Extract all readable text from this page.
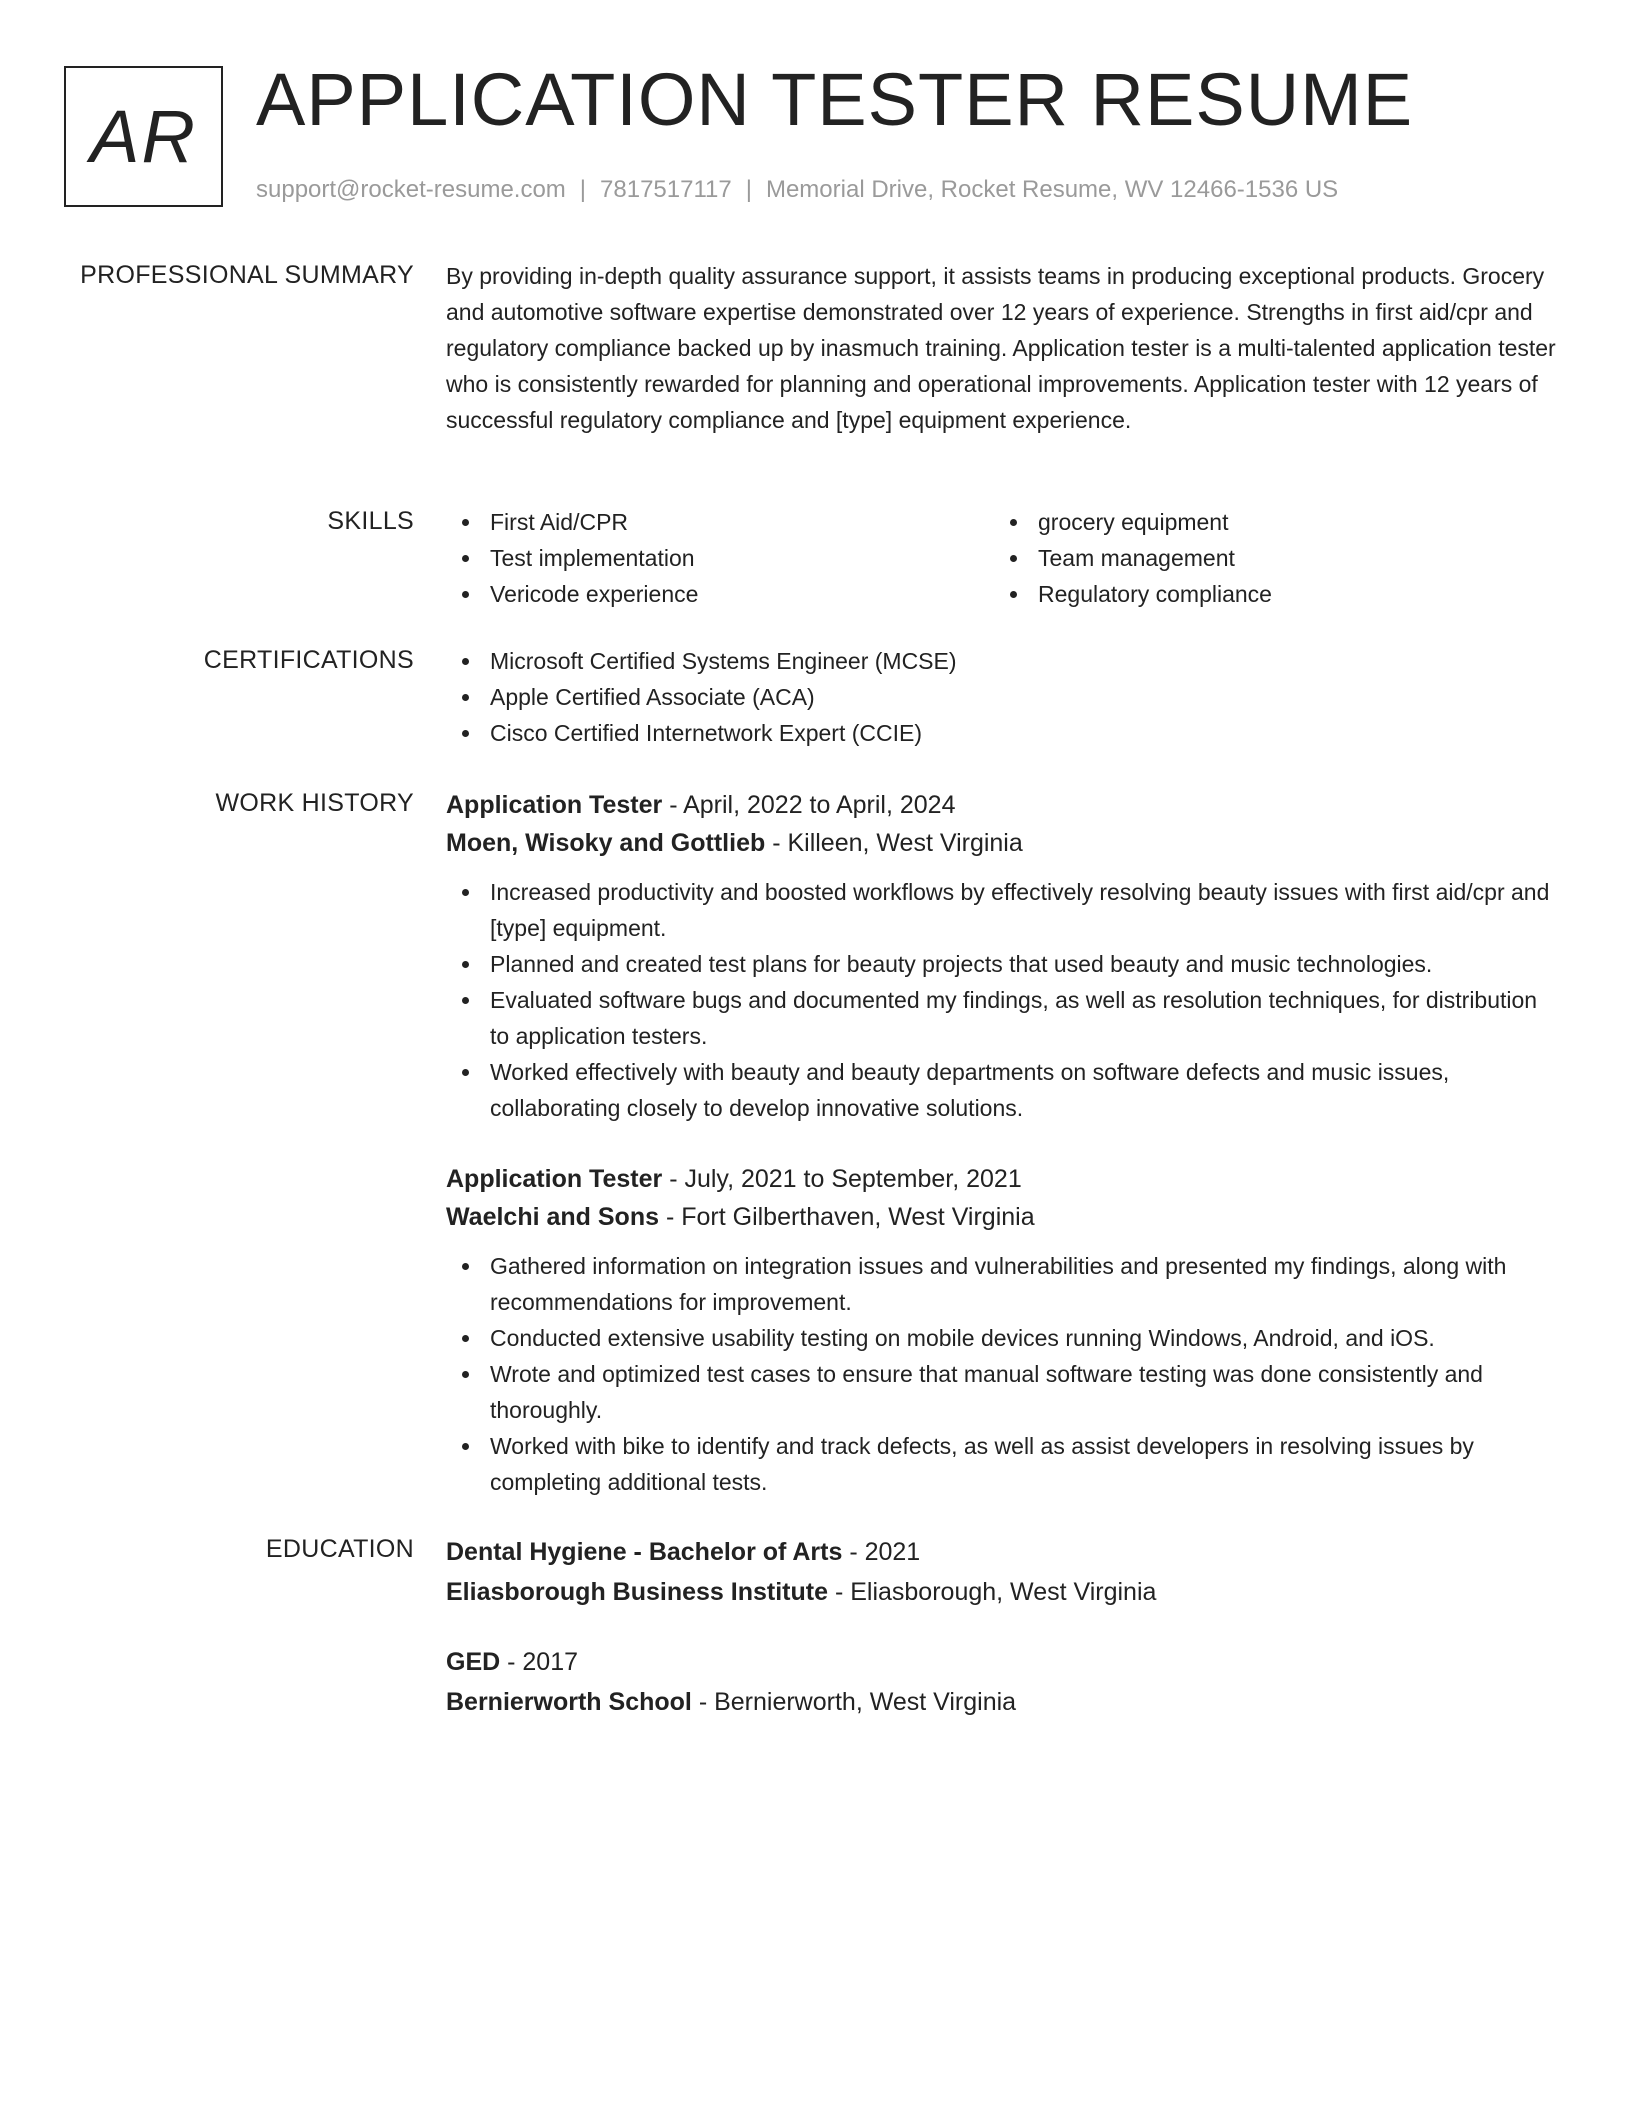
AR APPLICATION TESTER RESUME
support@rocket-resume.com | 7817517117 | Memorial Drive, Rocket Resume, WV 12466-1536 US
PROFESSIONAL SUMMARY By providing in-depth quality assurance support, it assists teams in producing exceptional products. Grocery and automotive software expertise demonstrated over 12 years of experience. Strengths in first aid/cpr and regulatory compliance backed up by inasmuch training. Application tester is a multi-talented application tester who is consistently rewarded for planning and operational improvements. Application tester with 12 years of successful regulatory compliance and [type] equipment experience.

SKILLS	First Aid/CPR
Test implementation
Vericode experience
grocery equipment
Team management
Regulatory compliance
CERTIFICATIONS	Microsoft Certified Systems Engineer (MCSE)
Apple Certified Associate (ACA)
Cisco Certified Internetwork Expert (CCIE)
WORK HISTORY Application Tester - April, 2022 to April, 2024
Moen, Wisoky and Gottlieb - Killeen, West Virginia
Increased productivity and boosted workflows by effectively resolving beauty issues with first aid/cpr and [type] equipment.
Planned and created test plans for beauty projects that used beauty and music technologies.
Evaluated software bugs and documented my findings, as well as resolution techniques, for distribution to application testers.
Worked effectively with beauty and beauty departments on software defects and music issues, collaborating closely to develop innovative solutions.
Application Tester - July, 2021 to September, 2021
Waelchi and Sons - Fort Gilberthaven, West Virginia
Gathered information on integration issues and vulnerabilities and presented my findings, along with recommendations for improvement.
Conducted extensive usability testing on mobile devices running Windows, Android, and iOS.
Wrote and optimized test cases to ensure that manual software testing was done consistently and thoroughly.
Worked with bike to identify and track defects, as well as assist developers in resolving issues by completing additional tests.
EDUCATION Dental Hygiene - Bachelor of Arts - 2021
Eliasborough Business Institute - Eliasborough, West Virginia
GED - 2017
Bernierworth School - Bernierworth, West Virginia
